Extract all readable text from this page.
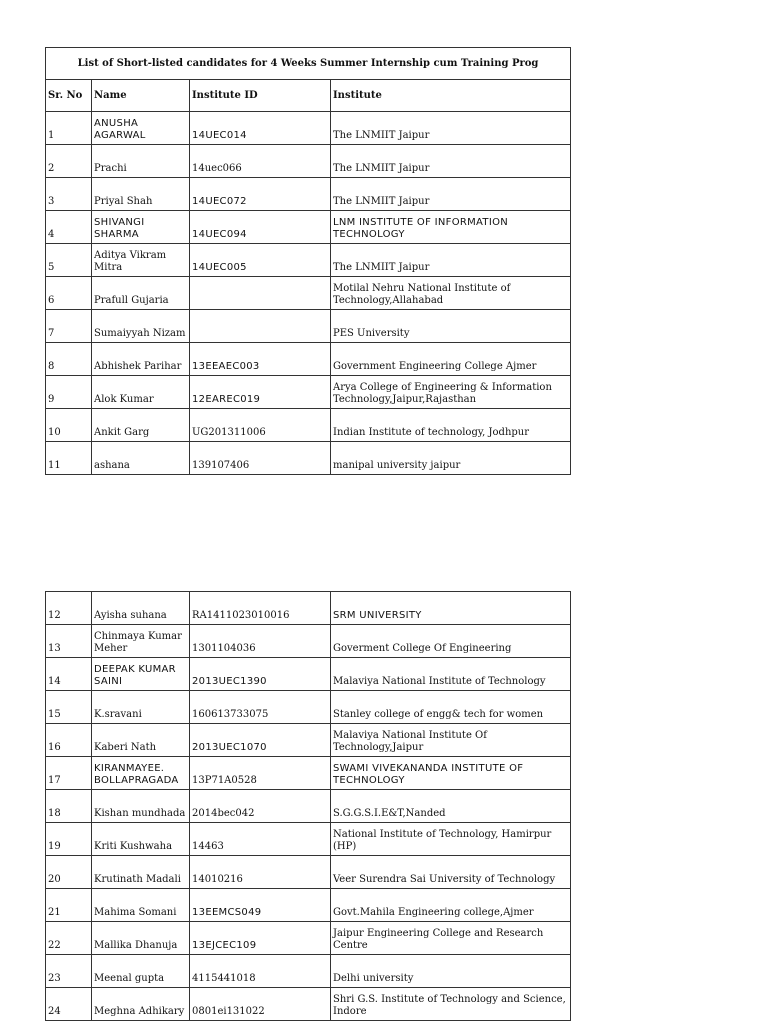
List of Short-listed candidates for 4 Weeks Summer Internship cum Training Prog			
Sr. No	Name	Institute ID	Institute
1	ANUSHA AGARWAL	14UEC014	The LNMIIT Jaipur
2	Prachi	14uec066	The LNMIIT Jaipur
3	Priyal Shah	14UEC072	The LNMIIT Jaipur
4	SHIVANGI SHARMA	14UEC094	LNM INSTITUTE OF INFORMATION TECHNOLOGY
5	Aditya Vikram Mitra	14UEC005	The LNMIIT Jaipur
6	Prafull Gujaria		Motilal Nehru National Institute of Technology,Allahabad
7	Sumaiyyah Nizam		PES University
8	Abhishek Parihar	13EEAEC003	Government Engineering College Ajmer
9	Alok Kumar	12EAREC019	Arya College of Engineering & Information Technology,Jaipur,Rajasthan
10	Ankit Garg	UG201311006	Indian Institute of technology, Jodhpur
11	ashana	139107406	manipal university jaipur
12	Ayisha suhana	RA1411023010016	SRM UNIVERSITY
13	Chinmaya Kumar Meher	1301104036	Goverment College Of Engineering
14	DEEPAK KUMAR SAINI	2013UEC1390	Malaviya National Institute of Technology
15	K.sravani	160613733075	Stanley college of engg& tech for women
16	Kaberi Nath	2013UEC1070	Malaviya National Institute Of Technology,Jaipur
17	KIRANMAYEE. BOLLAPRAGADA	13P71A0528	SWAMI VIVEKANANDA INSTITUTE OF TECHNOLOGY
18	Kishan mundhada	2014bec042	S.G.G.S.I.E&T,Nanded
19	Kriti Kushwaha	14463	National Institute of Technology, Hamirpur (HP)
20	Krutinath Madali	14010216	Veer Surendra Sai University of Technology
21	Mahima Somani	13EEMCS049	Govt.Mahila Engineering college,Ajmer
22	Mallika Dhanuja	13EJCEC109	Jaipur Engineering College and Research Centre
23	Meenal gupta	4115441018	Delhi university
24	Meghna Adhikary	0801ei131022	Shri G.S. Institute of Technology and Science, Indore
